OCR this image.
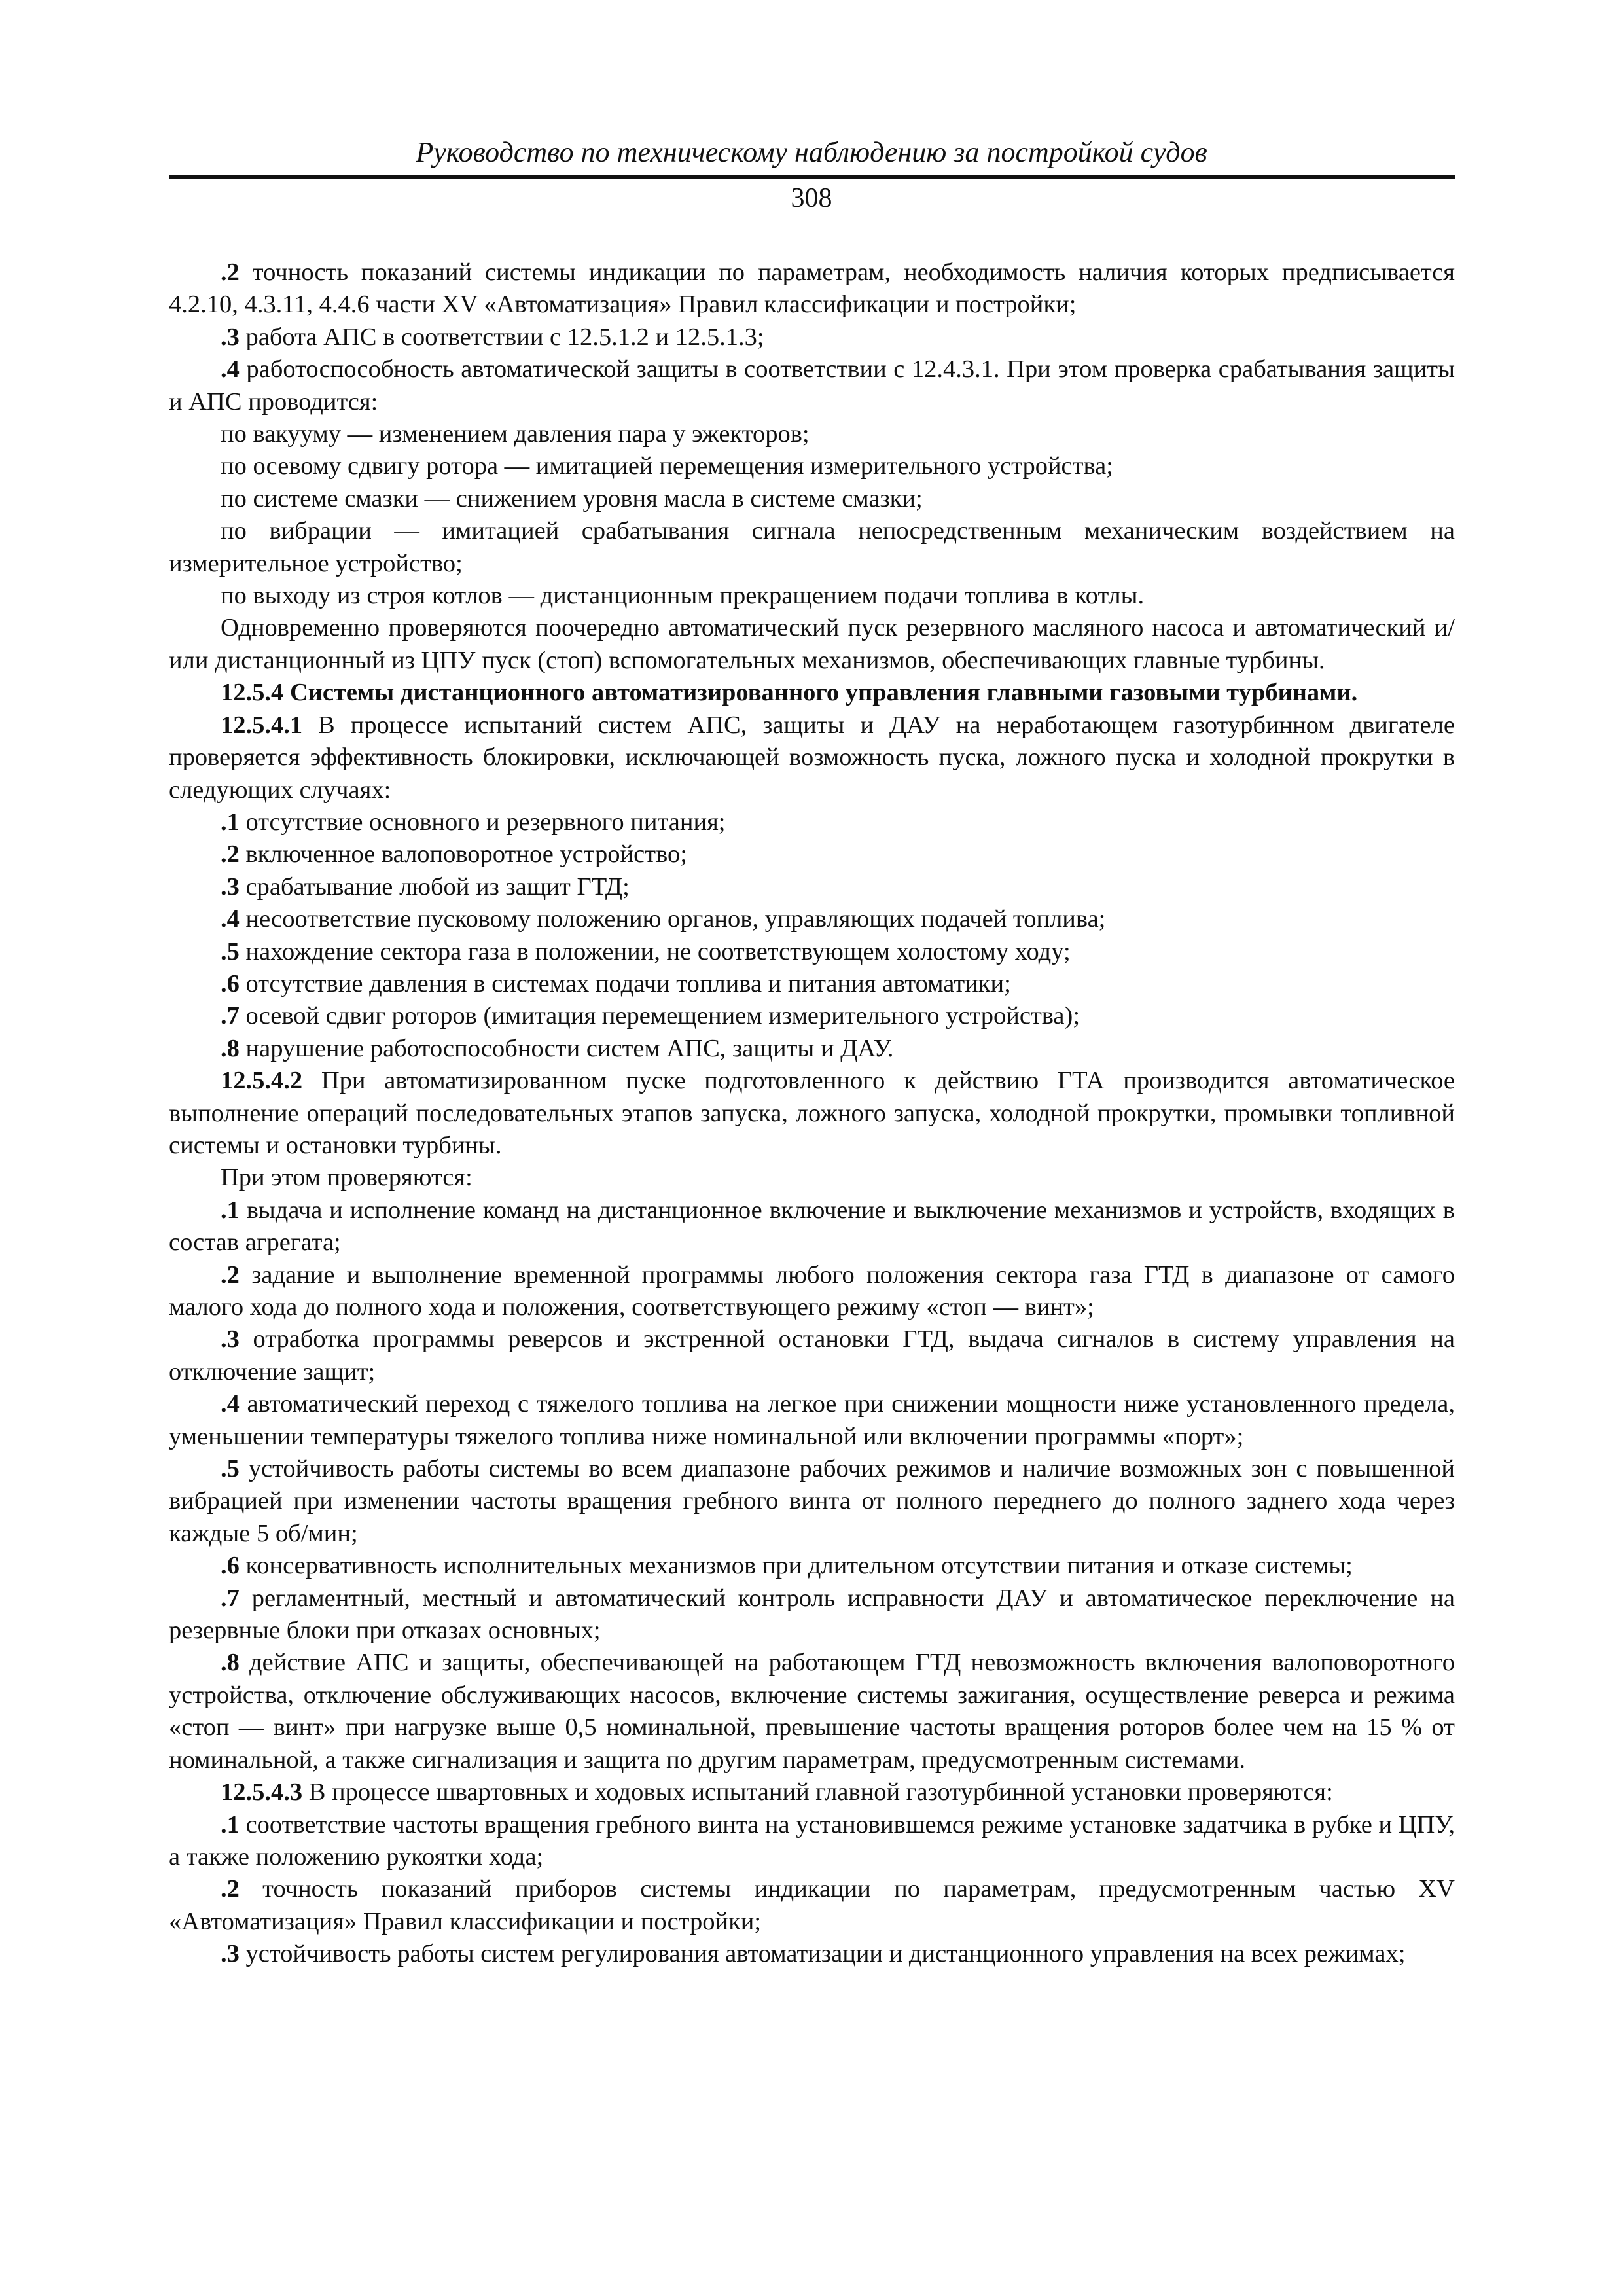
Руководство по техническому наблюдению за постройкой судов
308

.2 точность показаний системы индикации по параметрам, необходимость наличия которых предписывается 4.2.10, 4.3.11, 4.4.6 части XV «Автоматизация» Правил классификации и постройки;

.3 работа АПС в соответствии с 12.5.1.2 и 12.5.1.3;

.4 работоспособность автоматической защиты в соответствии с 12.4.3.1. При этом проверка срабатывания защиты и АПС проводится:

по вакууму — изменением давления пара у эжекторов;

по осевому сдвигу ротора — имитацией перемещения измерительного устройства;

по системе смазки — снижением уровня масла в системе смазки;

по вибрации — имитацией срабатывания сигнала непосредственным механическим воздействием на измерительное устройство;

по выходу из строя котлов — дистанционным прекращением подачи топлива в котлы.

Одновременно проверяются поочередно автоматический пуск резервного масляного насоса и автоматический и/или дистанционный из ЦПУ пуск (стоп) вспомогательных механизмов, обеспечивающих главные турбины.

12.5.4 Системы дистанционного автоматизированного управления главными газовыми турбинами.

12.5.4.1 В процессе испытаний систем АПС, защиты и ДАУ на неработающем газотурбинном двигателе проверяется эффективность блокировки, исключающей возможность пуска, ложного пуска и холодной прокрутки в следующих случаях:

.1 отсутствие основного и резервного питания;

.2 включенное валоповоротное устройство;

.3 срабатывание любой из защит ГТД;

.4 несоответствие пусковому положению органов, управляющих подачей топлива;

.5 нахождение сектора газа в положении, не соответствующем холостому ходу;

.6 отсутствие давления в системах подачи топлива и питания автоматики;

.7 осевой сдвиг роторов (имитация перемещением измерительного устройства);

.8 нарушение работоспособности систем АПС, защиты и ДАУ.

12.5.4.2 При автоматизированном пуске подготовленного к действию ГТА производится автоматическое выполнение операций последовательных этапов запуска, ложного запуска, холодной прокрутки, промывки топливной системы и остановки турбины.

При этом проверяются:

.1 выдача и исполнение команд на дистанционное включение и выключение механизмов и устройств, входящих в состав агрегата;

.2 задание и выполнение временной программы любого положения сектора газа ГТД в диапазоне от самого малого хода до полного хода и положения, соответствующего режиму «стоп — винт»;

.3 отработка программы реверсов и экстренной остановки ГТД, выдача сигналов в систему управления на отключение защит;

.4 автоматический переход с тяжелого топлива на легкое при снижении мощности ниже установленного предела, уменьшении температуры тяжелого топлива ниже номинальной или включении программы «порт»;

.5 устойчивость работы системы во всем диапазоне рабочих режимов и наличие возможных зон с повышенной вибрацией при изменении частоты вращения гребного винта от полного переднего до полного заднего хода через каждые 5 об/мин;

.6 консервативность исполнительных механизмов при длительном отсутствии питания и отказе системы;

.7 регламентный, местный и автоматический контроль исправности ДАУ и автоматическое переключение на резервные блоки при отказах основных;

.8 действие АПС и защиты, обеспечивающей на работающем ГТД невозможность включения валоповоротного устройства, отключение обслуживающих насосов, включение системы зажигания, осуществление реверса и режима «стоп — винт» при нагрузке выше 0,5 номинальной, превышение частоты вращения роторов более чем на 15 % от номинальной, а также сигнализация и защита по другим параметрам, предусмотренным системами.

12.5.4.3 В процессе швартовных и ходовых испытаний главной газотурбинной установки проверяются:

.1 соответствие частоты вращения гребного винта на установившемся режиме установке задатчика в рубке и ЦПУ, а также положению рукоятки хода;

.2 точность показаний приборов системы индикации по параметрам, предусмотренным частью XV «Автоматизация» Правил классификации и постройки;

.3 устойчивость работы систем регулирования автоматизации и дистанционного управления на всех режимах;
